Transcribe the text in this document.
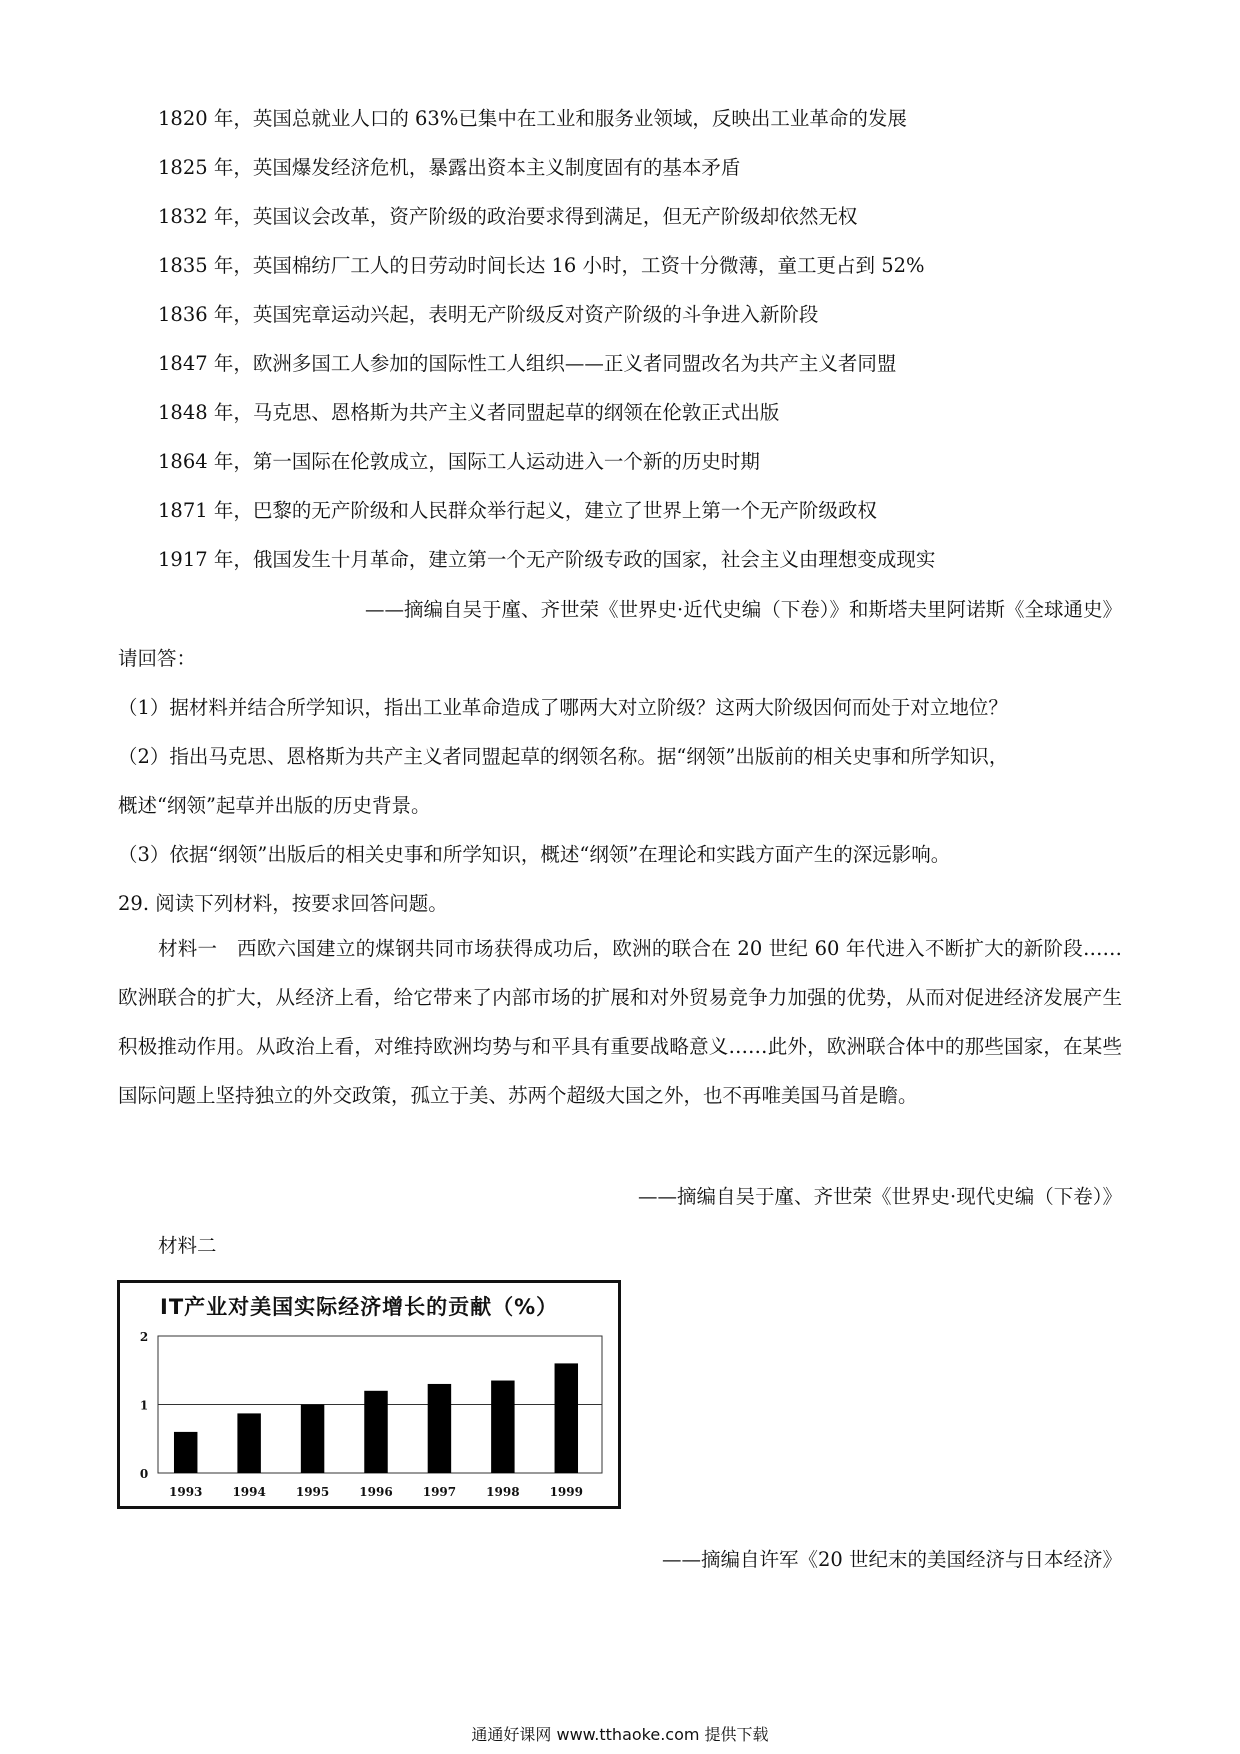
1820 年，英国总就业人口的 63%已集中在工业和服务业领域，反映出工业革命的发展
1825 年，英国爆发经济危机，暴露出资本主义制度固有的基本矛盾
1832 年，英国议会改革，资产阶级的政治要求得到满足，但无产阶级却依然无权
1835 年，英国棉纺厂工人的日劳动时间长达 16 小时，工资十分微薄，童工更占到 52%
1836 年，英国宪章运动兴起，表明无产阶级反对资产阶级的斗争进入新阶段
1847 年，欧洲多国工人参加的国际性工人组织——正义者同盟改名为共产主义者同盟
1848 年，马克思、恩格斯为共产主义者同盟起草的纲领在伦敦正式出版
1864 年，第一国际在伦敦成立，国际工人运动进入一个新的历史时期
1871 年，巴黎的无产阶级和人民群众举行起义，建立了世界上第一个无产阶级政权
1917 年，俄国发生十月革命，建立第一个无产阶级专政的国家，社会主义由理想变成现实
——摘编自吴于廑、齐世荣《世界史·近代史编（下卷）》和斯塔夫里阿诺斯《全球通史》
请回答：
（1）据材料并结合所学知识，指出工业革命造成了哪两大对立阶级？这两大阶级因何而处于对立地位？
（2）指出马克思、恩格斯为共产主义者同盟起草的纲领名称。据“纲领”出版前的相关史事和所学知识，
概述“纲领”起草并出版的历史背景。
（3）依据“纲领”出版后的相关史事和所学知识，概述“纲领”在理论和实践方面产生的深远影响。
29. 阅读下列材料，按要求回答问题。
材料一　西欧六国建立的煤钢共同市场获得成功后，欧洲的联合在 20 世纪 60 年代进入不断扩大的新阶段……欧洲联合的扩大，从经济上看，给它带来了内部市场的扩展和对外贸易竞争力加强的优势，从而对促进经济发展产生积极推动作用。从政治上看，对维持欧洲均势与和平具有重要战略意义……此外，欧洲联合体中的那些国家，在某些国际问题上坚持独立的外交政策，孤立于美、苏两个超级大国之外，也不再唯美国马首是瞻。
——摘编自吴于廑、齐世荣《世界史·现代史编（下卷）》
材料二
IT产业对美国实际经济增长的贡献（%）
0
1
2
1993	1994	1995	1996	1997	1998	1999
——摘编自许军《20 世纪末的美国经济与日本经济》
通通好课网 www.tthaoke.com 提供下载
